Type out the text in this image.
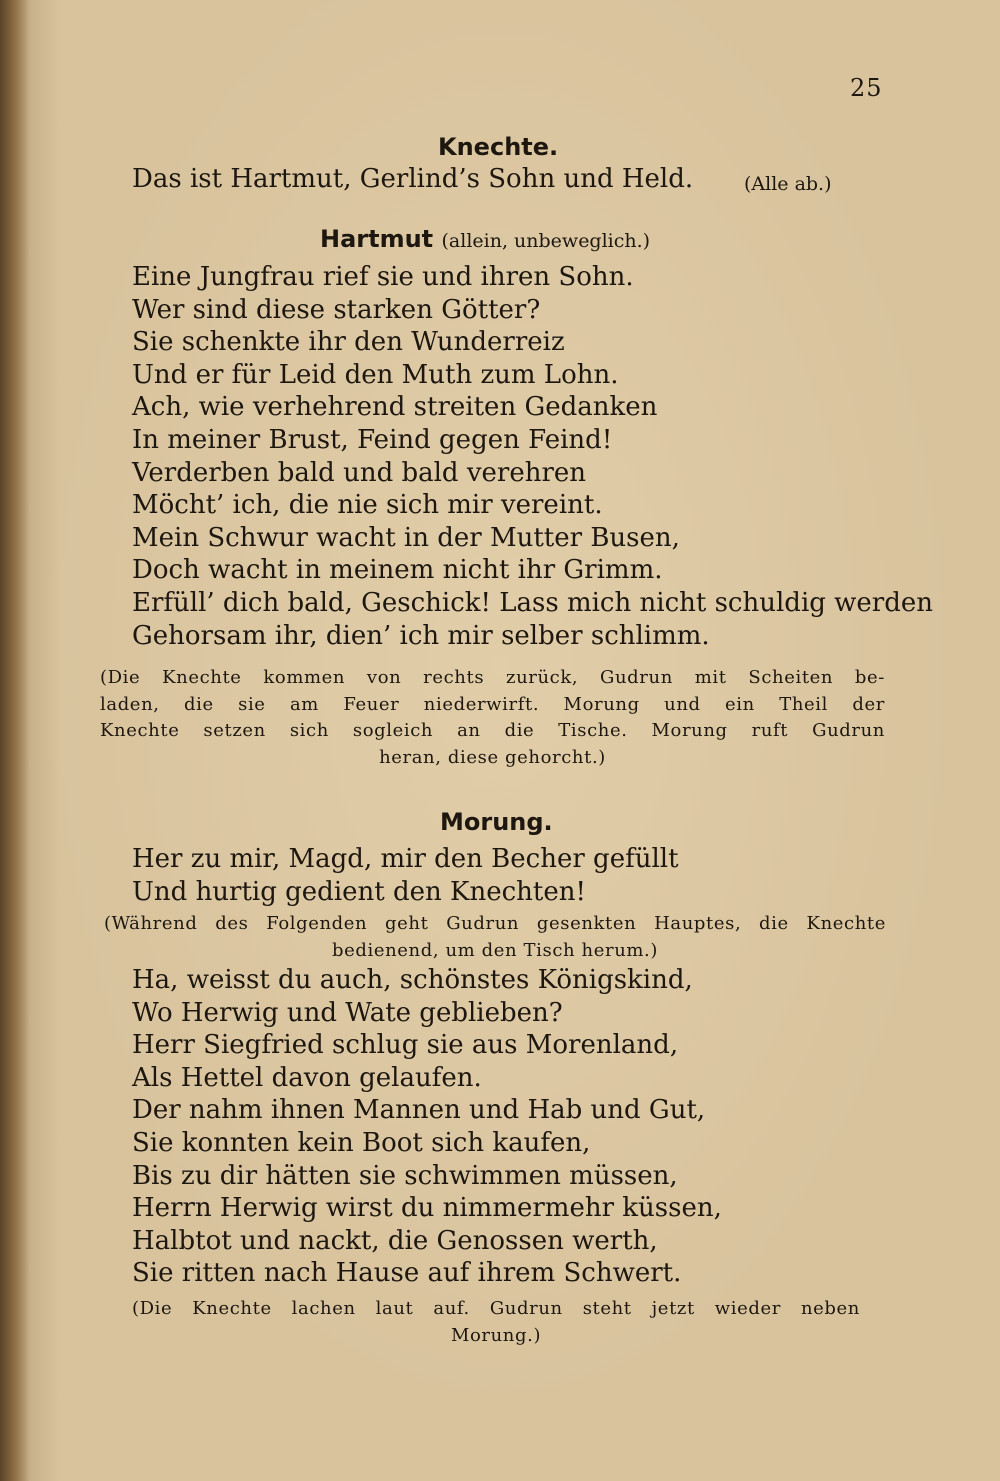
25
Knechte.
Das ist Hartmut, Gerlind’s Sohn und Held.	(Alle ab.)
Hartmut (allein, unbeweglich.)
Eine Jungfrau rief sie und ihren Sohn.
Wer sind diese starken Götter?
Sie schenkte ihr den Wunderreiz
Und er für Leid den Muth zum Lohn.
Ach, wie verhehrend streiten Gedanken
In meiner Brust, Feind gegen Feind!
Verderben bald und bald verehren
Möcht’ ich, die nie sich mir vereint.
Mein Schwur wacht in der Mutter Busen,
Doch wacht in meinem nicht ihr Grimm.
Erfüll’ dich bald, Geschick! Lass mich nicht schuldig werden
Gehorsam ihr, dien’ ich mir selber schlimm.
(Die Knechte kommen von rechts zurück, Gudrun mit Scheiten be-
laden, die sie am Feuer niederwirft. Morung und ein Theil der
Knechte setzen sich sogleich an die Tische. Morung ruft Gudrun
heran, diese gehorcht.)
Morung.
Her zu mir, Magd, mir den Becher gefüllt
Und hurtig gedient den Knechten!
(Während des Folgenden geht Gudrun gesenkten Hauptes, die Knechte
bedienend, um den Tisch herum.)
Ha, weisst du auch, schönstes Königskind,
Wo Herwig und Wate geblieben?
Herr Siegfried schlug sie aus Morenland,
Als Hettel davon gelaufen.
Der nahm ihnen Mannen und Hab und Gut,
Sie konnten kein Boot sich kaufen,
Bis zu dir hätten sie schwimmen müssen,
Herrn Herwig wirst du nimmermehr küssen,
Halbtot und nackt, die Genossen werth,
Sie ritten nach Hause auf ihrem Schwert.
(Die Knechte lachen laut auf. Gudrun steht jetzt wieder neben
Morung.)
